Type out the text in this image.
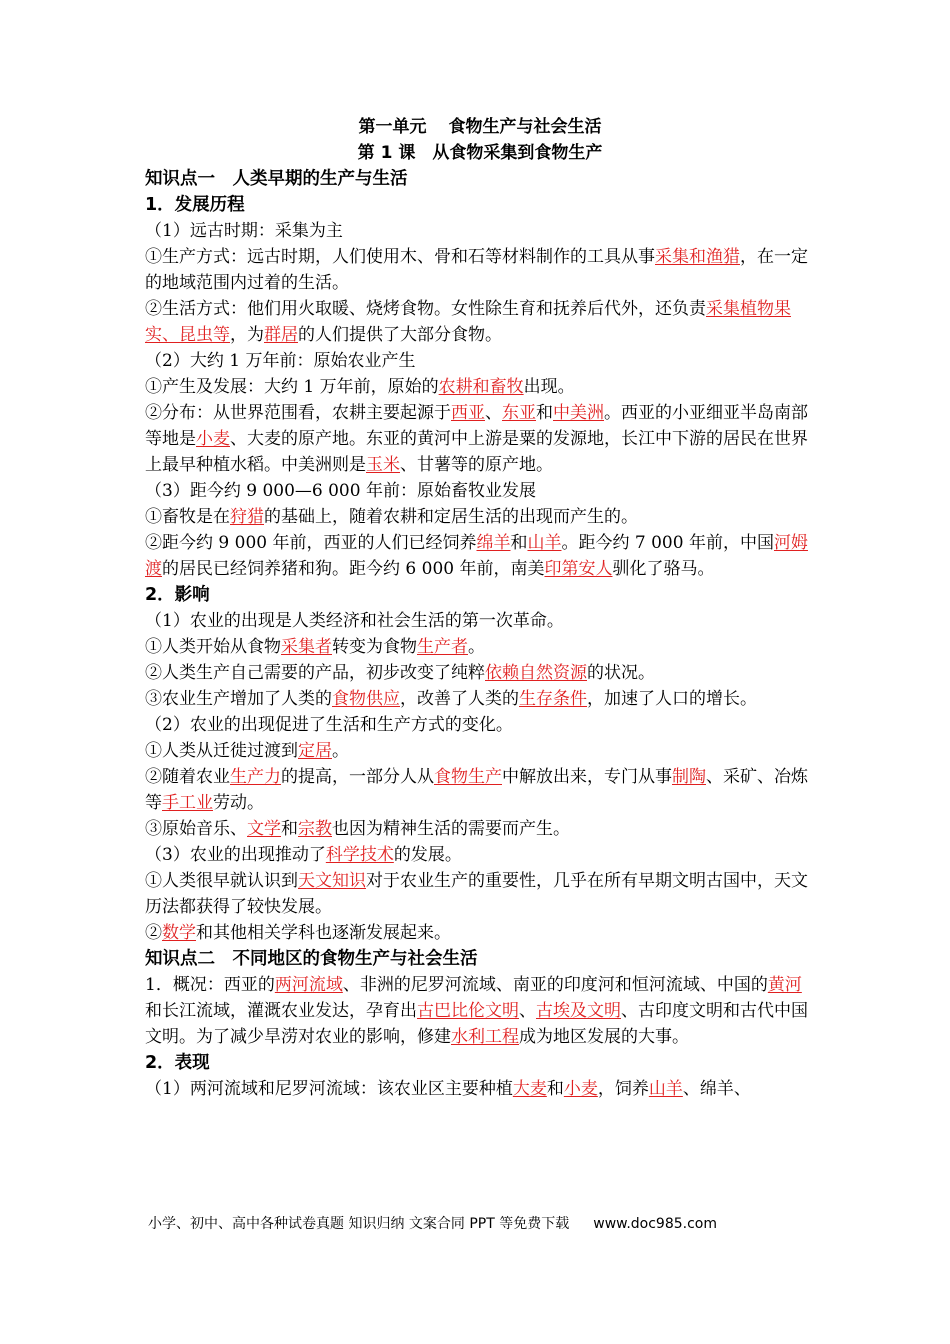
第一单元 食物生产与社会生活
第 1 课　从食物采集到食物生产
知识点一　人类早期的生产与生活
1．发展历程
（1）远古时期：采集为主
①生产方式：远古时期，人们使用木、骨和石等材料制作的工具从事采集和渔猎，在一定的地域范围内过着的生活。
②生活方式：他们用火取暖、烧烤食物。女性除生育和抚养后代外，还负责采集植物果实、昆虫等，为群居的人们提供了大部分食物。
（2）大约 1 万年前：原始农业产生
①产生及发展：大约 1 万年前，原始的农耕和畜牧出现。
②分布：从世界范围看，农耕主要起源于西亚、东亚和中美洲。西亚的小亚细亚半岛南部等地是小麦、大麦的原产地。东亚的黄河中上游是粟的发源地，长江中下游的居民在世界上最早种植水稻。中美洲则是玉米、甘薯等的原产地。
（3）距今约 9 000—6 000 年前：原始畜牧业发展
①畜牧是在狩猎的基础上，随着农耕和定居生活的出现而产生的。
②距今约 9 000 年前，西亚的人们已经饲养绵羊和山羊。距今约 7 000 年前，中国河姆渡的居民已经饲养猪和狗。距今约 6 000 年前，南美印第安人驯化了骆马。
2．影响
（1）农业的出现是人类经济和社会生活的第一次革命。
①人类开始从食物采集者转变为食物生产者。
②人类生产自己需要的产品，初步改变了纯粹依赖自然资源的状况。
③农业生产增加了人类的食物供应，改善了人类的生存条件，加速了人口的增长。
（2）农业的出现促进了生活和生产方式的变化。
①人类从迁徙过渡到定居。
②随着农业生产力的提高，一部分人从食物生产中解放出来，专门从事制陶、采矿、冶炼等手工业劳动。
③原始音乐、文学和宗教也因为精神生活的需要而产生。
（3）农业的出现推动了科学技术的发展。
①人类很早就认识到天文知识对于农业生产的重要性，几乎在所有早期文明古国中，天文历法都获得了较快发展。
②数学和其他相关学科也逐渐发展起来。
知识点二　不同地区的食物生产与社会生活
1．概况：西亚的两河流域、非洲的尼罗河流域、南亚的印度河和恒河流域、中国的黄河和长江流域，灌溉农业发达，孕育出古巴比伦文明、古埃及文明、古印度文明和古代中国文明。为了减少旱涝对农业的影响，修建水利工程成为地区发展的大事。
2．表现
（1）两河流域和尼罗河流域：该农业区主要种植大麦和小麦，饲养山羊、绵羊、
小学、初中、高中各种试卷真题 知识归纳 文案合同 PPT 等免费下载 www.doc985.com
